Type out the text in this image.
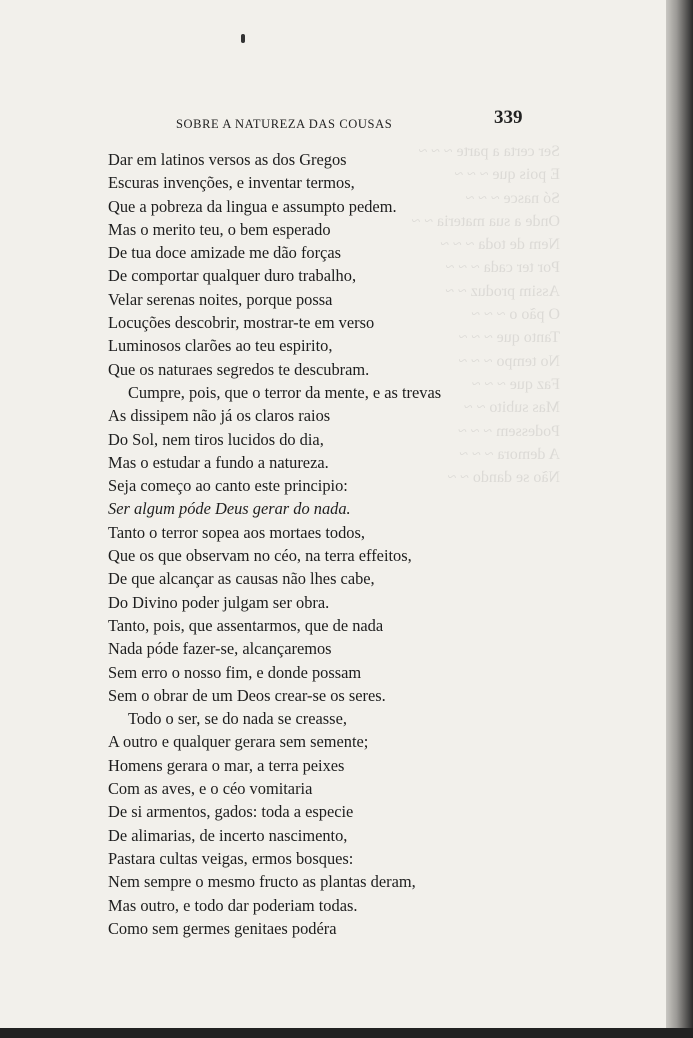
Ser certa a parte ~ ~ ~
E pois que ~ ~ ~
Só nasce ~ ~ ~
Onde a sua materia ~ ~
Nem de toda ~ ~ ~
Por ter cada ~ ~ ~
Assim produz ~ ~
O pão o ~ ~ ~
Tanto que ~ ~ ~
No tempo ~ ~ ~
Faz que ~ ~ ~
Mas subito ~ ~
Podessem ~ ~ ~
A demora ~ ~ ~
Não se dando ~ ~
SOBRE A NATUREZA DAS COUSAS	339
Dar em latinos versos as dos Gregos
Escuras invenções, e inventar termos,
Que a pobreza da lingua e assumpto pedem.
Mas o merito teu, o bem esperado
De tua doce amizade me dão forças
De comportar qualquer duro trabalho,
Velar serenas noites, porque possa
Locuções descobrir, mostrar-te em verso
Luminosos clarões ao teu espirito,
Que os naturaes segredos te descubram.
Cumpre, pois, que o terror da mente, e as trevas
As dissipem não já os claros raios
Do Sol, nem tiros lucidos do dia,
Mas o estudar a fundo a natureza.
Seja começo ao canto este principio:
Ser algum póde Deus gerar do nada.
Tanto o terror sopea aos mortaes todos,
Que os que observam no céo, na terra effeitos,
De que alcançar as causas não lhes cabe,
Do Divino poder julgam ser obra.
Tanto, pois, que assentarmos, que de nada
Nada póde fazer-se, alcançaremos
Sem erro o nosso fim, e donde possam
Sem o obrar de um Deos crear-se os seres.
Todo o ser, se do nada se creasse,
A outro e qualquer gerara sem semente;
Homens gerara o mar, a terra peixes
Com as aves, e o céo vomitaria
De si armentos, gados: toda a especie
De alimarias, de incerto nascimento,
Pastara cultas veigas, ermos bosques:
Nem sempre o mesmo fructo as plantas deram,
Mas outro, e todo dar poderiam todas.
Como sem germes genitaes podéra
